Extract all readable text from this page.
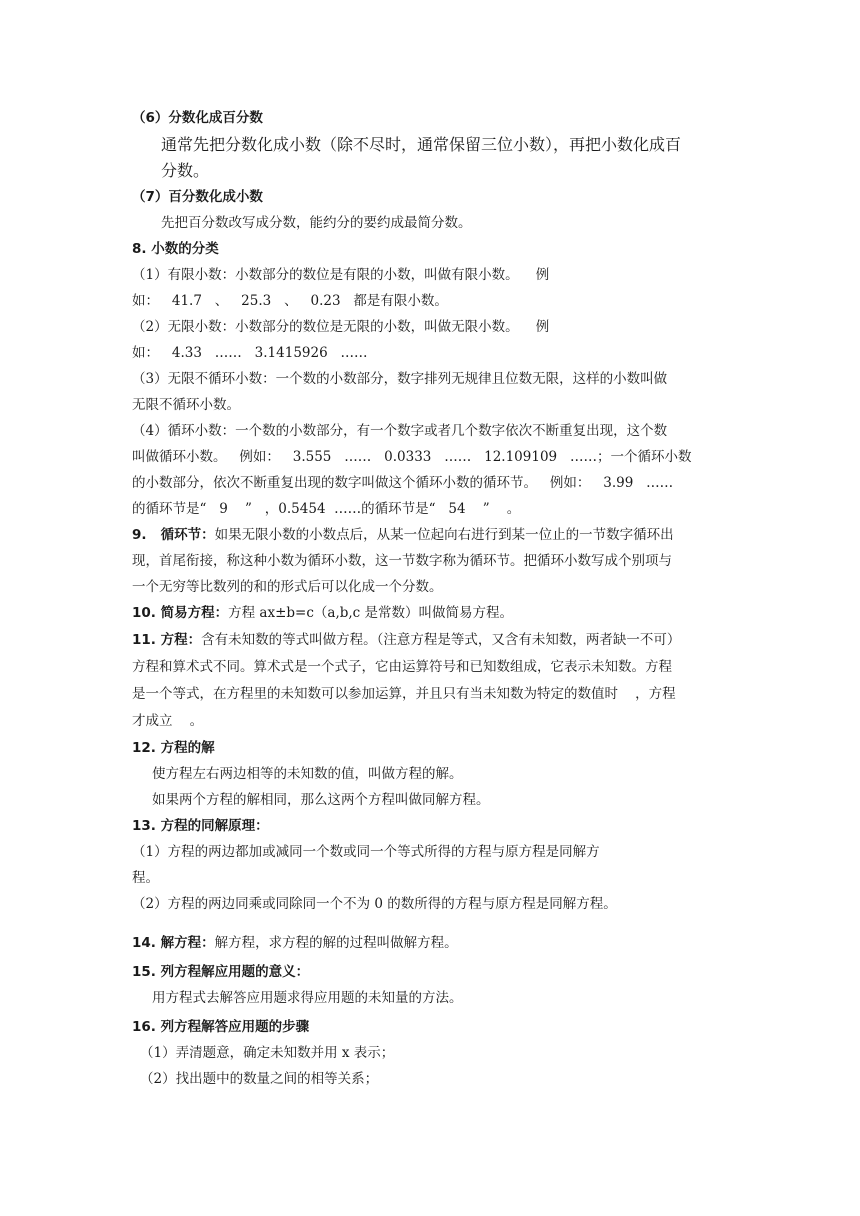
（6）分数化成百分数
通常先把分数化成小数（除不尽时，通常保留三位小数），再把小数化成百
分数。
（7）百分数化成小数
先把百分数改写成分数，能约分的要约成最简分数。
8. 小数的分类
（1）有限小数：小数部分的数位是有限的小数，叫做有限小数。    例
如：   41.7   、   25.3   、   0.23   都是有限小数。
（2）无限小数：小数部分的数位是无限的小数，叫做无限小数。    例
如：   4.33   ……   3.1415926   ……
（3）无限不循环小数：一个数的小数部分，数字排列无规律且位数无限，这样的小数叫做
无限不循环小数。
（4）循环小数：一个数的小数部分，有一个数字或者几个数字依次不断重复出现，这个数
叫做循环小数。   例如：   3.555   ……   0.0333   ……   12.109109   ……；一个循环小数
的小数部分，依次不断重复出现的数字叫做这个循环小数的循环节。   例如：   3.99   ……
的循环节是“   9    ”   ，0.5454  ……的循环节是“   54    ”    。
9.   循环节：如果无限小数的小数点后，从某一位起向右进行到某一位止的一节数字循环出
现，首尾衔接，称这种小数为循环小数，这一节数字称为循环节。把循环小数写成个别项与
一个无穷等比数列的和的形式后可以化成一个分数。
10. 简易方程：方程 ax±b=c（a,b,c 是常数）叫做简易方程。
11. 方程：含有未知数的等式叫做方程。（注意方程是等式，又含有未知数，两者缺一不可）
方程和算术式不同。算术式是一个式子，它由运算符号和已知数组成，它表示未知数。方程
是一个等式，在方程里的未知数可以参加运算，并且只有当未知数为特定的数值时    ，方程
才成立    。
12. 方程的解
使方程左右两边相等的未知数的值，叫做方程的解。
如果两个方程的解相同，那么这两个方程叫做同解方程。
13. 方程的同解原理：
（1）方程的两边都加或减同一个数或同一个等式所得的方程与原方程是同解方
程。
（2）方程的两边同乘或同除同一个不为 0 的数所得的方程与原方程是同解方程。
14. 解方程：解方程，求方程的解的过程叫做解方程。
15. 列方程解应用题的意义：
用方程式去解答应用题求得应用题的未知量的方法。
16. 列方程解答应用题的步骤
（1）弄清题意，确定未知数并用 x 表示；
（2）找出题中的数量之间的相等关系；
